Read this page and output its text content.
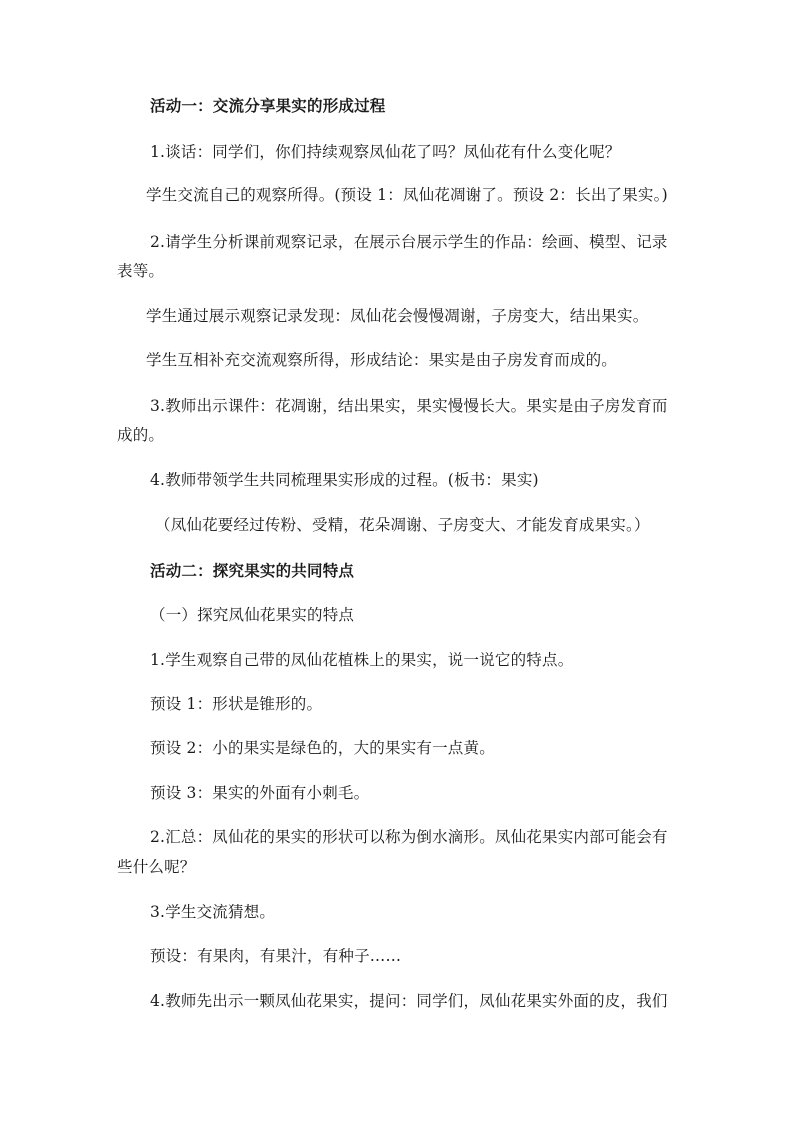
活动一：交流分享果实的形成过程
1.谈话：同学们，你们持续观察凤仙花了吗？凤仙花有什么变化呢？
学生交流自己的观察所得。(预设 1：凤仙花凋谢了。预设 2：长出了果实。)
2.请学生分析课前观察记录，在展示台展示学生的作品：绘画、模型、记录
表等。
学生通过展示观察记录发现：凤仙花会慢慢凋谢，子房变大，结出果实。
学生互相补充交流观察所得，形成结论：果实是由子房发育而成的。
3.教师出示课件：花凋谢，结出果实，果实慢慢长大。果实是由子房发育而
成的。
4.教师带领学生共同梳理果实形成的过程。(板书：果实)
（凤仙花要经过传粉、受精，花朵凋谢、子房变大、才能发育成果实。）
活动二：探究果实的共同特点
（一）探究凤仙花果实的特点
1.学生观察自己带的凤仙花植株上的果实，说一说它的特点。
预设 1：形状是锥形的。
预设 2：小的果实是绿色的，大的果实有一点黄。
预设 3：果实的外面有小刺毛。
2.汇总：凤仙花的果实的形状可以称为倒水滴形。凤仙花果实内部可能会有
些什么呢？
3.学生交流猜想。
预设：有果肉，有果汁，有种子……
4.教师先出示一颗凤仙花果实，提问：同学们，凤仙花果实外面的皮，我们
